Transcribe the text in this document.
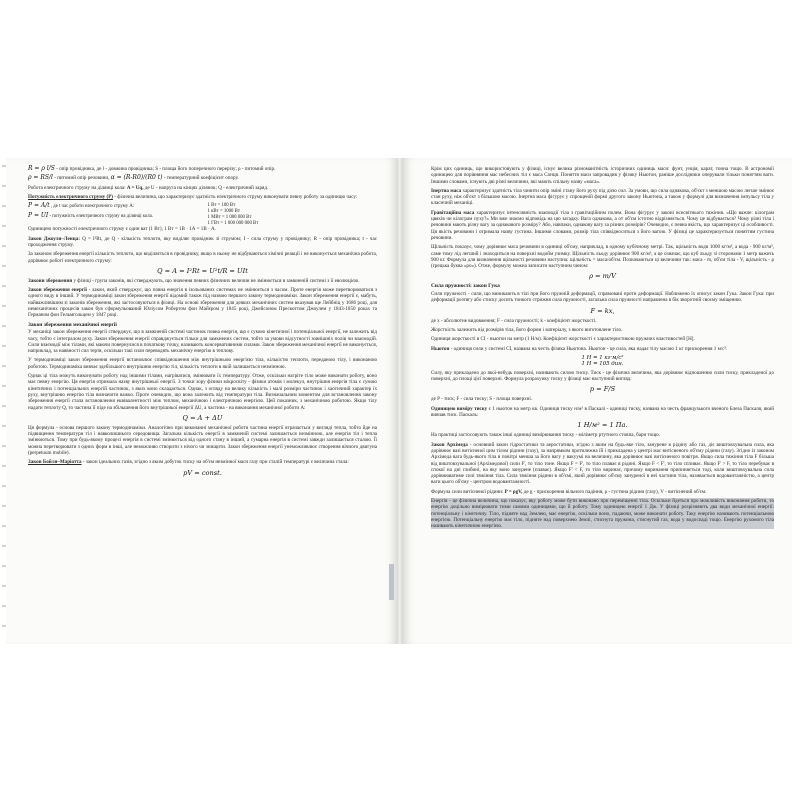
R = ρ l/S - опір провідника, де l - довжина провідника; S - площа його поперечного перерізу; ρ - питомий опір.
ρ = RS/l - питомий опір речовини, α = (R-R0)/(R0 t) - температурний коефіцієнт опору.
Робота електричного струму на ділянці кола: A = Uq, де U - напруга на кінцях ділянок; Q - електричний заряд.
Потужність електричного струму (P) - фізична величина, що характеризує здатність електричного струму виконувати певну роботу за одиницю часу:
P = A/t , де t час роботи електричного струму А:
P = UI - потужність електричного струму на ділянці кола.
1 Вт = 100 Вт
1 кВт = 1000 Вт
1 МВт = 1 000 000 Вт
1 ГВт = 1 000 000 000 Вт
Одиницею потужності електричного струму є один ват (1 Вт), 1 Вт = 1В · 1А = 1В · А.
Закон Джоуля–Ленца: Q = I²Rt, де Q - кількість теплоти, яку виділяє провідник зі струмом; I - сила струму у провіднику; R - опір провідника; t - час проходження струму.
За законом збереження енергії кількість теплоти, що виділяється в провіднику, якщо в ньому не відбуваються хімічні реакції і не виконується механічна робота, дорівнює роботі електричного струму:
Q = A = I²Rt = U²t/R = UIt
Закони збереження у фізиці - група законів, які стверджують, що значення певних фізичних величин не змінюється в замкненій системі з її еволюцією.
Закон збереження енергії - закон, який стверджує, що повна енергія в ізольованих системах не змінюється з часом. Проте енергія може перетворюватися з одного виду в інший. У термодинаміці закон збереження енергії відомий також під назвою першого закону термодинаміки. Закон збереження енергії є, мабуть, найважливішим зі законів збереження, які застосовуються в фізиці. На основі збереження для деяких механічних систем вказував ще Лейбніц у 1686 році, для немеханічних процесів закон був сформульований Юліусом Робертом фон Майєром у 1845 році, Джейсоном Прескоттом Джоулем у 1843-1850 роках та Германом фон Гельмгольцем у 1847 році.
Закон збереження механічної енергії
У механіці закон збереження енергії стверджує, що в замкненій системі частинок повна енергія, що є сумою кінетичної і потенціальної енергії, не залежить від часу, тобто є інтегралом руху. Закон збереження енергії справджується тільки для замкнених систем, тобто за умови відсутності зовнішніх полів чи взаємодій. Сили взаємодії між тілами, які маючи повернулися в початкову точку, називають консервативними силами. Закон збереження механічної енергії не виконується, наприклад, за наявності сил тертя, оскільки такі сили переводять механічну енергію в теплову.
У термодинаміці закон збереження енергії встановлює співвідношення між внутрішньою енергією тіла, кількістю теплоти, переданою тілу, і виконаною роботою. Термодинаміка вивчає здебільшого внутрішню енергію тіл, кількість теплоти в якій залишається незмінною.
Однак ці тіла можуть виконувати роботу над іншими тілами, нагріватися, змінювати їх температуру. Отже, оскільки нагріте тіло може виконати роботу, воно має певну енергію. Ця енергія отримала назву внутрішньої енергії. З точки зору фізики мікросвіту - фізики атомів і молекул, внутрішня енергія тіла є сумою кінетичних і потенціальних енергій частинок, з яких воно складається. Однак, з огляду на велику кількість і малі розміри частинок і хаотичний характер їх руху, внутрішню енергію тіла визначити важко. Проте очевидно, що вона залежить від температури тіла. Визначальним моментом для встановлення закону збереження енергії стала встановлення еквівалентності між теплом, механічною і електричною енергією. Цей показник, з механічною роботою. Якщо тілу надати теплоту Q, то частина її піде на збільшення його внутрішньої енергії ΔU, а частина - на виконання механічної роботи A:
Q = A + ΔU
Ця формула - основа першого закону термодинаміки. Аналогічно при виконанні механічної роботи частина енергії втрачається у вигляді тепла, тобто йде на підвищення температури тіл і навколишнього середовища. Загальна кількість енергії в замкненій системі залишається незмінною, але енергія тіл і тепла змінюються. Тому при будь-якому процесі енергія в системі змінюється від одного стану в інший, а сумарна енергія в системі завжди залишається сталою. Її можна перетворювати з одних форм в інші, але неможливо створити з нічого чи знищити. Закон збереження енергії унеможливлює створення вічного двигуна (perpetuum mobile).
Закон Бойля–Маріотта - закон ідеальних газів, згідно з яким добуток тиску на об'єм незмінної маси газу при сталій температурі є величина стала:
pV = const.
Крім цих одиниць, що використовують у фізиці, існує велика різноманітність історичних одиниць маси: фунт, унція, карат, тонна тощо. В астрономії одиницею для порівняння мас небесних тіл є маса Сонця. Поняття маси запровадив у фізику Ньютон, раніше дослідники оперували тільки поняттям ваги. Іншими словами, існують дві різні величини, які мають спільну назву «маса».
Інертна маса характеризує здатність тіла чинити опір зміні стану його руху під дією сил. За умови, що сила однакова, об'єкт з меншою масою легше змінює стан руху, ніж об'єкт з більшою масою. Інертна маса фігурує у спрощеній формі другого закону Ньютона, а також у формулі для визначення імпульсу тіла у класичній механіці.
Гравітаційна маса характеризує інтенсивність взаємодії тіла з гравітаційним полем. Вона фігурує у законі всесвітнього тяжіння. «Що важче: кілограм цвяхів чи кілограм пуху?» Ми вже знаємо відповідь на цю загадку. Вага однакова, а от об'єм істотно відрізняється. Чому це відбувається? Чому різні тіла і речовини мають різну вагу за однакового розміру? Або, навпаки, однакову вагу за різних розмірів? Очевидно, є певна якість, що характеризує ці особливості. Ця якість речовини і отримала назву густина. Іншими словами, розмір тіла співвідноситься з його вагою. У фізиці це характеризується поняттям густина речовини.
Щільність показує, чому дорівнює маса речовини в одиниці об'єму, наприклад, в одному кубічному метрі. Так, щільність води 1000 кг/м³, а вода - 900 кг/м³, саме тому лід легший і знаходиться на поверхні водойм узимку. Щільність льоду дорівнює 900 кг/м³, а це означає, що куб льоду зі сторонами 1 метр важить 900 кг. Формула для визначення щільності речовини наступна: щільність = маса/об'єм. Позначаються ці величини так: маса - m, об'єм тіла - V, щільність - ρ (грецька буква «ро»). Отже, формулу можна записати наступним чином:
ρ = m/V
Сила пружності: закон Гука
Сили пружності - сили, що виникають в тілі при його пружній деформації, спрямовані проти деформації. Наближено їх описує закон Гука. Закон Гука: при деформації розтягу або стиску досить тонкого стрижня сила пружності, загальна сила пружності направлена в бік зворотній своєму зміщенню.
F = kx,
де x - абсолютне видовження; F - сила пружності; k - коефіцієнт жорсткості.
Жорсткість залежить від розмірів тіла, його форми і матеріалу, з якого виготовлене тіло.
Одиниця жорсткості в СІ - ньютон на метр (1 Н/м). Коефіцієнт жорсткості є характеристикою пружних властивостей [Н].
Ньютон - одиниця сили у системі СІ, названа на честь фізика Ньютона. Ньютон - це сила, яка надає тілу масою 1 кг прискорення 1 м/с².
1 Н = 1 кг·м/с²
1 Н = 105 дин.
Силу, яку прикладено до якої-небудь поверхні, називають силою тиску. Тиск - це фізична величина, яка дорівнює відношенню сили тиску, прикладеної до поверхні, до площі цієї поверхні. Формула розрахунку тиску у фізиці має наступний вигляд:
p = F/S
де P - тиск; F - сила тиску; S - площа поверхні.
Одиницею виміру тиску є 1 ньютон на метр кв. Одиниця тиску н/м² в Паскалі - одиниці тиску, названа на честь французького вченого Блеза Паскаля, який вивчав тиск. Паскаль:
1 Н/м² = 1 Па.
На практиці застосовують також інші одиниці вимірювання тиску - міліметр ртутного стовпа, бари тощо.
Закон Архімеда - основний закон гідростатики та аеростатики, згідно з яким на будь-яке тіло, занурене в рідину або газ, діє виштовхувальна сила, яка дорівнює вазі витісненої цим тілом рідини (газу), за напрямком протилежна їй і прикладена у центрі мас витісненого об'єму рідини (газу). Згідно із законом Архімеда вага будь-якого тіла в повітрі менша за його вагу у вакуумі на величину, яка дорівнює вазі витісненого повітря. Якщо сила тяжіння тіла F більша від виштовхувальної (Архімедової) сили F', то тіло тоне. Якщо F = F', то тіло плаває в рідині. Якщо F < F', то тіло спливає. Якщо F' > F, то тіло перебуває в спокої на дні глибині, на яку воно занурене (плаває). Якщо F' < F, то тіло виринає, причому виринання припиняється тоді, коли виштовхувальна сила дорівнюватиме силі тяжіння тіла. Сила тяжіння рідини в об'ємі, який дорівнює об'єму зануреної в неї частини тіла, називається водовантажністю, а центр ваги цього об'єму - центром водовантажності.
Формула сили витісненої рідини: P = ρgV, де g - прискорення вільного падіння, ρ - густина рідини (газу), V - витіснений об'єм.
Енергія - це фізична величина, що показує, яку роботу може бути виконано при переміщенні тіла. Оскільки йдеться про можливість виконання роботи, то енергію доцільно вимірювати тими самими одиницями, що й роботу. Тому одиницею енергії 1 Дж. У фізиці розрізняють два види механічної енергії: потенціальну і кінетичну. Тіло, підняте над Землею, має енергію, оскільки воно, падаючи, може виконати роботу. Таку енергію називають потенціальною енергією. Потенціальну енергію має тіло, підняте над поверхнею Землі, стиснута пружина, стиснутий газ, вода у водоспаді тощо. Енергію рухомого тіла називають кінетичною енергією.
